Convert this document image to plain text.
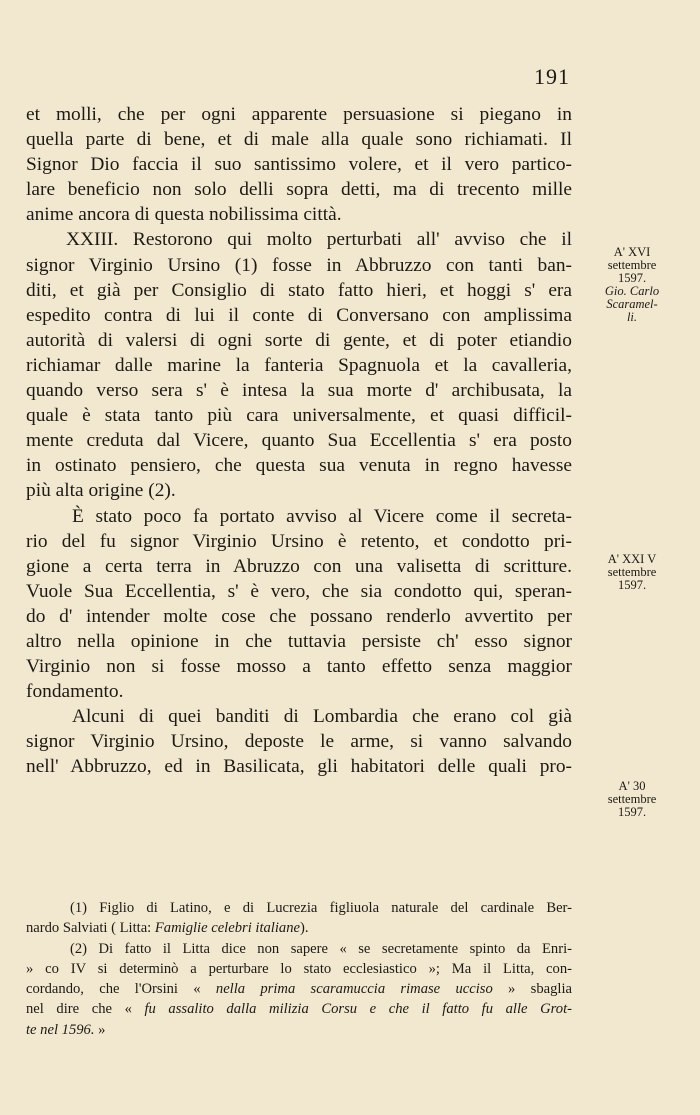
191

et molli, che per ogni apparente persuasione si piegano in
quella parte di bene, et di male alla quale sono richiamati. Il
Signor Dio faccia il suo santissimo volere, et il vero partico-
lare beneficio non solo delli sopra detti, ma di trecento mille
anime ancora di questa nobilissima città.

XXIII. Restorono qui molto perturbati all' avviso che il
signor Virginio Ursino (1) fosse in Abbruzzo con tanti ban-
diti, et già per Consiglio di stato fatto hieri, et hoggi s' era
espedito contra di lui il conte di Conversano con amplissima
autorità di valersi di ogni sorte di gente, et di poter etiandio
richiamar dalle marine la fanteria Spagnuola et la cavalleria,
quando verso sera s' è intesa la sua morte d' archibusata, la
quale è stata tanto più cara universalmente, et quasi difficil-
mente creduta dal Vicere, quanto Sua Eccellentia s' era posto
in ostinato pensiero, che questa sua venuta in regno havesse
più alta origine (2).

È stato poco fa portato avviso al Vicere come il secreta-
rio del fu signor Virginio Ursino è retento, et condotto pri-
gione a certa terra in Abruzzo con una valisetta di scritture.
Vuole Sua Eccellentia, s' è vero, che sia condotto qui, speran-
do d' intender molte cose che possano renderlo avvertito per
altro nella opinione in che tuttavia persiste ch' esso signor
Virginio non si fosse mosso a tanto effetto senza maggior
fondamento.

Alcuni di quei banditi di Lombardia che erano col già
signor Virginio Ursino, deposte le arme, si vanno salvando
nell' Abbruzzo, ed in Basilicata, gli habitatori delle quali pro-

A' XVI
settembre
1597.
Gio. Carlo
Scaramel-
li.
A' XXI V
settembre
1597.
A' 30
settembre
1597.
(1) Figlio di Latino, e di Lucrezia figliuola naturale del cardinale Ber-
nardo Salviati ( Litta: Famiglie celebri italiane).
(2) Di fatto il Litta dice non sapere « se secretamente spinto da Enri-
» co IV si determinò a perturbare lo stato ecclesiastico »; Ma il Litta, con-
cordando, che l'Orsini « nella prima scaramuccia rimase ucciso » sbaglia
nel dire che « fu assalito dalla milizia Corsu e che il fatto fu alle Grot-
te nel 1596. »
